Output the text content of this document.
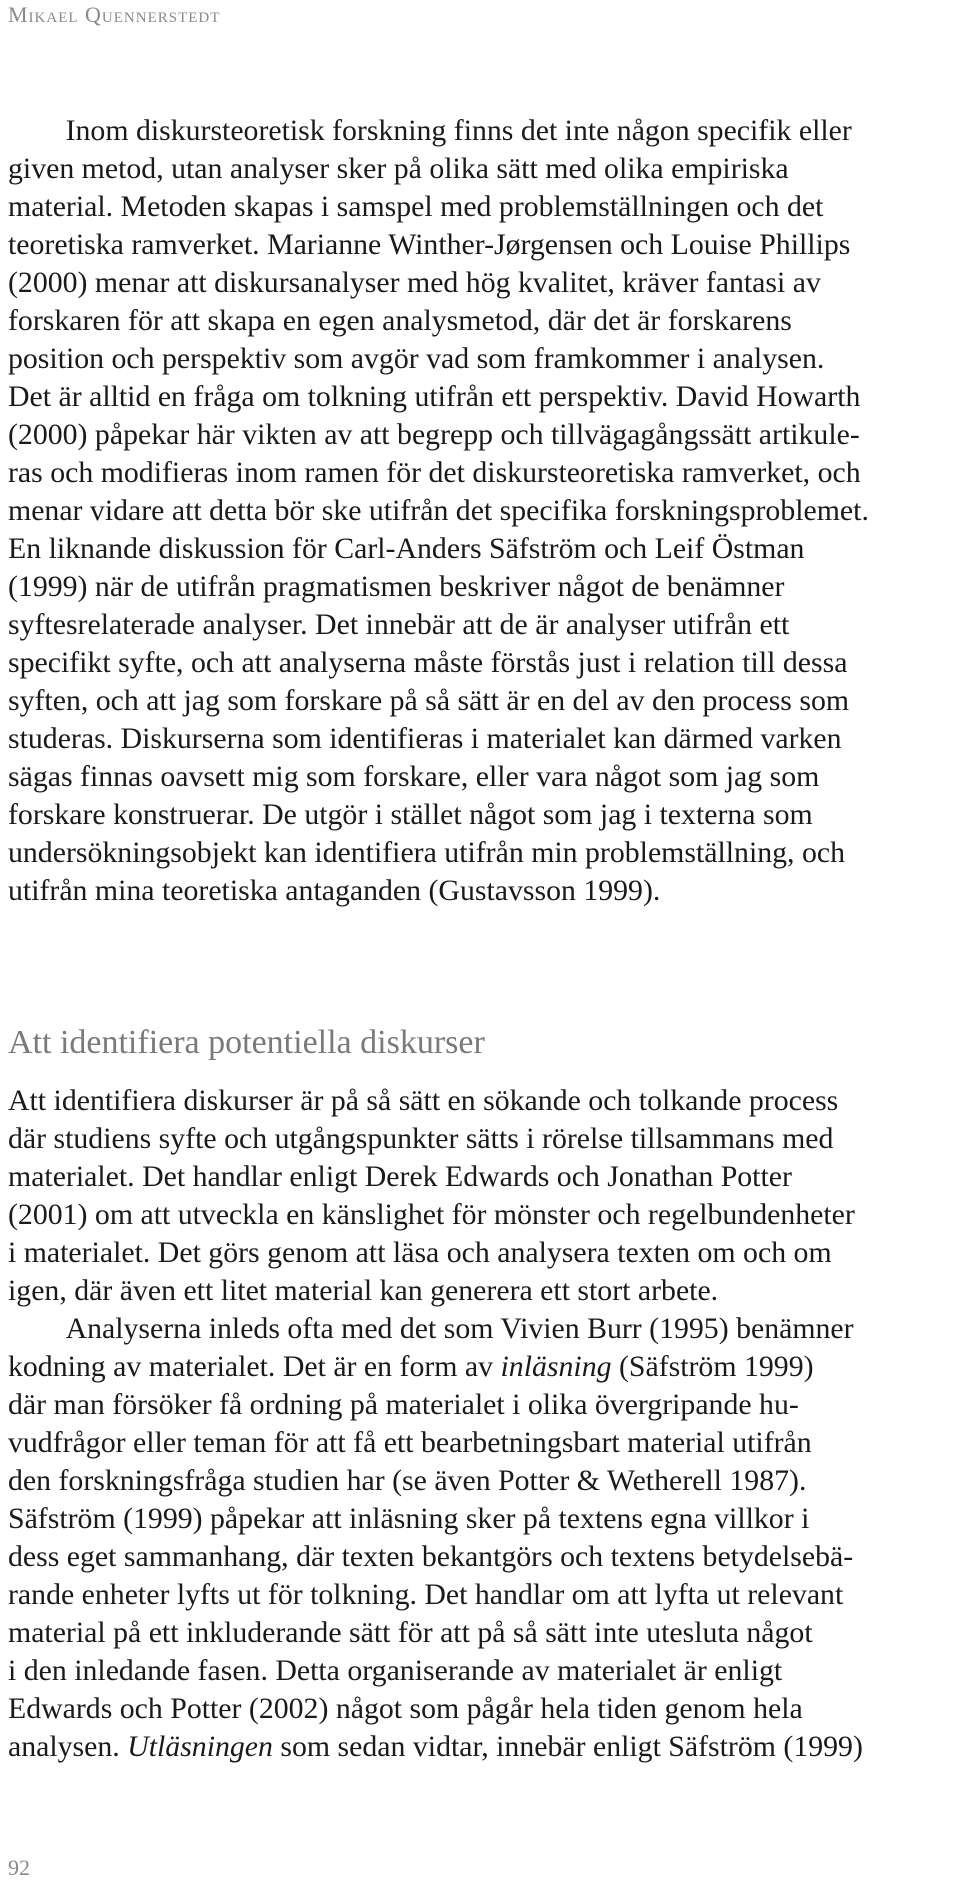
Mikael Quennerstedt
Inom diskursteoretisk forskning finns det inte någon specifik eller
given metod, utan analyser sker på olika sätt med olika empiriska
material. Metoden skapas i samspel med problemställningen och det
teoretiska ramverket. Marianne Winther-Jørgensen och Louise Phillips
(2000) menar att diskursanalyser med hög kvalitet, kräver fantasi av
forskaren för att skapa en egen analysmetod, där det är forskarens
position och perspektiv som avgör vad som framkommer i analysen.
Det är alltid en fråga om tolkning utifrån ett perspektiv. David Howarth
(2000) påpekar här vikten av att begrepp och tillvägagångssätt artikule-
ras och modifieras inom ramen för det diskursteoretiska ramverket, och
menar vidare att detta bör ske utifrån det specifika forskningsproblemet.
En liknande diskussion för Carl-Anders Säfström och Leif Östman
(1999) när de utifrån pragmatismen beskriver något de benämner
syftesrelaterade analyser. Det innebär att de är analyser utifrån ett
specifikt syfte, och att analyserna måste förstås just i relation till dessa
syften, och att jag som forskare på så sätt är en del av den process som
studeras. Diskurserna som identifieras i materialet kan därmed varken
sägas finnas oavsett mig som forskare, eller vara något som jag som
forskare konstruerar. De utgör i stället något som jag i texterna som
undersökningsobjekt kan identifiera utifrån min problemställning, och
utifrån mina teoretiska antaganden (Gustavsson 1999).
Att identifiera potentiella diskurser
Att identifiera diskurser är på så sätt en sökande och tolkande process
där studiens syfte och utgångspunkter sätts i rörelse tillsammans med
materialet. Det handlar enligt Derek Edwards och Jonathan Potter
(2001) om att utveckla en känslighet för mönster och regelbundenheter
i materialet. Det görs genom att läsa och analysera texten om och om
igen, där även ett litet material kan generera ett stort arbete.
Analyserna inleds ofta med det som Vivien Burr (1995) benämner
kodning av materialet. Det är en form av inläsning (Säfström 1999)
där man försöker få ordning på materialet i olika övergripande hu-
vudfrågor eller teman för att få ett bearbetningsbart material utifrån
den forskningsfråga studien har (se även Potter & Wetherell 1987).
Säfström (1999) påpekar att inläsning sker på textens egna villkor i
dess eget sammanhang, där texten bekantgörs och textens betydelsebä-
rande enheter lyfts ut för tolkning. Det handlar om att lyfta ut relevant
material på ett inkluderande sätt för att på så sätt inte utesluta något
i den inledande fasen. Detta organiserande av materialet är enligt
Edwards och Potter (2002) något som pågår hela tiden genom hela
analysen. Utläsningen som sedan vidtar, innebär enligt Säfström (1999)
92
